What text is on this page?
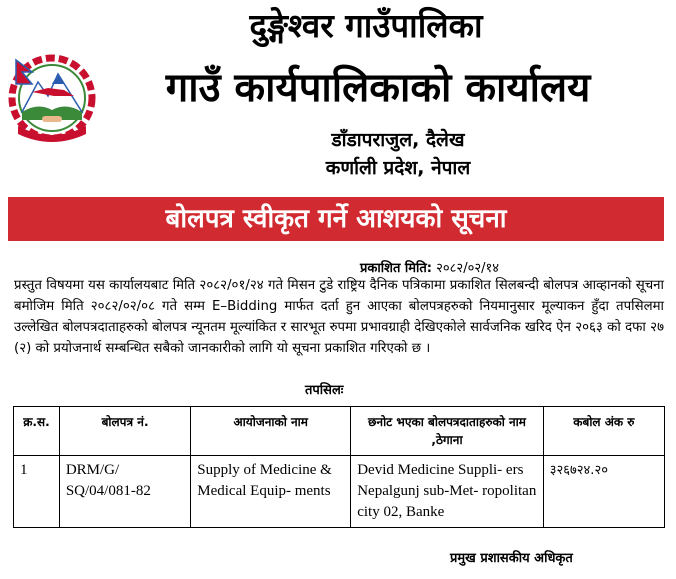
दुङ्गेश्वर गाउँपालिका
गाउँ कार्यपालिकाको कार्यालय
डाँडापराजुल, दैलेख
कर्णाली प्रदेश, नेपाल
बोलपत्र स्वीकृत गर्ने आशयको सूचना
प्रकाशित मिति: २०८२/०२/१४
प्रस्तुत विषयमा यस कार्यालयबाट मिति २०८२/०१/२४ गते मिसन टुडे राष्ट्रिय दैनिक पत्रिकामा प्रकाशित सिलबन्दी बोलपत्र आव्हानको सूचना बमोजिम मिति २०८२/०२/०८ गते सम्म E–Bidding मार्फत दर्ता हुन आएका बोलपत्रहरुको नियमानुसार मूल्याकन हुँदा तपसिलमा उल्लेखित बोलपत्रदाताहरुको बोलपत्र न्यूनतम मूल्यांकित र सारभूत रुपमा प्रभावग्राही देखिएकोले सार्वजनिक खरिद ऐन २०६३ को दफा २७ (२) को प्रयोजनार्थ सम्बन्धित सबैको जानकारीको लागि यो सूचना प्रकाशित गरिएको छ ।
तपसिलः
क्र.स.	बोलपत्र नं.	आयोजनाको नाम	छनोट भएका बोलपत्रदाताहरुको नाम ,ठेगाना	कबोल अंक रु
1	DRM/G/ SQ/04/081-82	Supply of Medicine & Medical Equip- ments	Devid Medicine Suppli- ers Nepalgunj sub-Met- ropolitan city 02, Banke	३२६७२४.२०
प्रमुख प्रशासकीय अधिकृत
